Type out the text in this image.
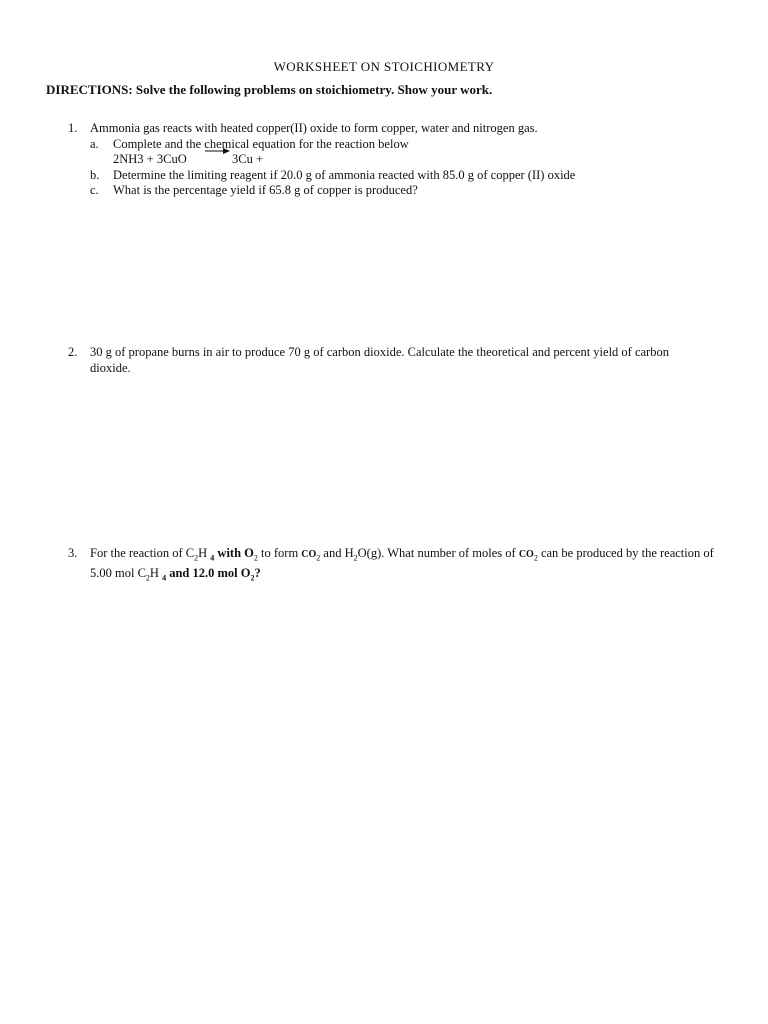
WORKSHEET ON STOICHIOMETRY
DIRECTIONS: Solve the following problems on stoichiometry. Show your work.
1. Ammonia gas reacts with heated copper(II) oxide to form copper, water and nitrogen gas.
a. Complete and the chemical equation for the reaction below
2NH3 + 3CuO	3Cu +
b. Determine the limiting reagent if 20.0 g of ammonia reacted with 85.0 g of copper (II) oxide
c. What is the percentage yield if 65.8 g of copper is produced?
2. 30 g of propane burns in air to produce 70 g of carbon dioxide. Calculate the theoretical and percent yield of carbon dioxide.
3. For the reaction of $C_2H$ $_4$ with $O_2$ to form $CO_2$ and $H_2O(g)$. What number of moles of $CO_2$ can be produced by the reaction of 5.00 mol $C_2H$ $_4$ and 12.0 mol $O_2$?
